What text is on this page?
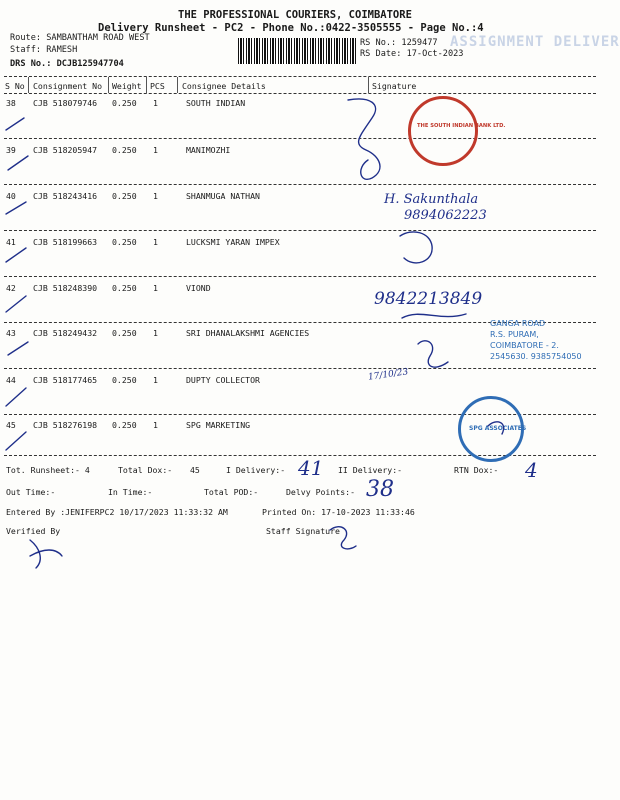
ASSIGNMENT DELIVER
THE PROFESSIONAL COURIERS, COIMBATORE
Delivery Runsheet - PC2 - Phone No.:0422-3505555 - Page No.:4
Route: SAMBANTHAM ROAD WEST
Staff: RAMESH
DRS No.: DCJB125947704
RS No.: 1259477
RS Date: 17-Oct-2023
S No Consignment No Weight PCS Consignee Details	Signature
38 CJB 518079746 0.250 1	SOUTH INDIAN
39 CJB 518205947 0.250 1	MANIMOZHI
40 CJB 518243416 0.250 1	SHANMUGA NATHAN
41 CJB 518199663 0.250 1	LUCKSMI YARAN IMPEX
42 CJB 518248390 0.250 1	VIOND
43 CJB 518249432 0.250 1	SRI DHANALAKSHMI AGENCIES
44 CJB 518177465 0.250 1	DUPTY COLLECTOR
45 CJB 518276198 0.250 1	SPG MARKETING
Tot. Runsheet:- 4	Total Dox:- 45	I Delivery:-	II Delivery:-	RTN Dox:-
Out Time:-	In Time:-	Total POD:-	Delvy Points:-
Entered By :JENIFERPC2 10/17/2023 11:33:32 AM	Printed On: 17-10-2023 11:33:46
Verified By	Staff Signature
41	4
38
H. Sakunthala
9894062223
9842213849
17/10/23
THE SOUTH INDIAN BANK LTD.
GANGA ROAD
R.S. PURAM,
COIMBATORE - 2.
2545630. 9385754050
SPG ASSOCIATES
